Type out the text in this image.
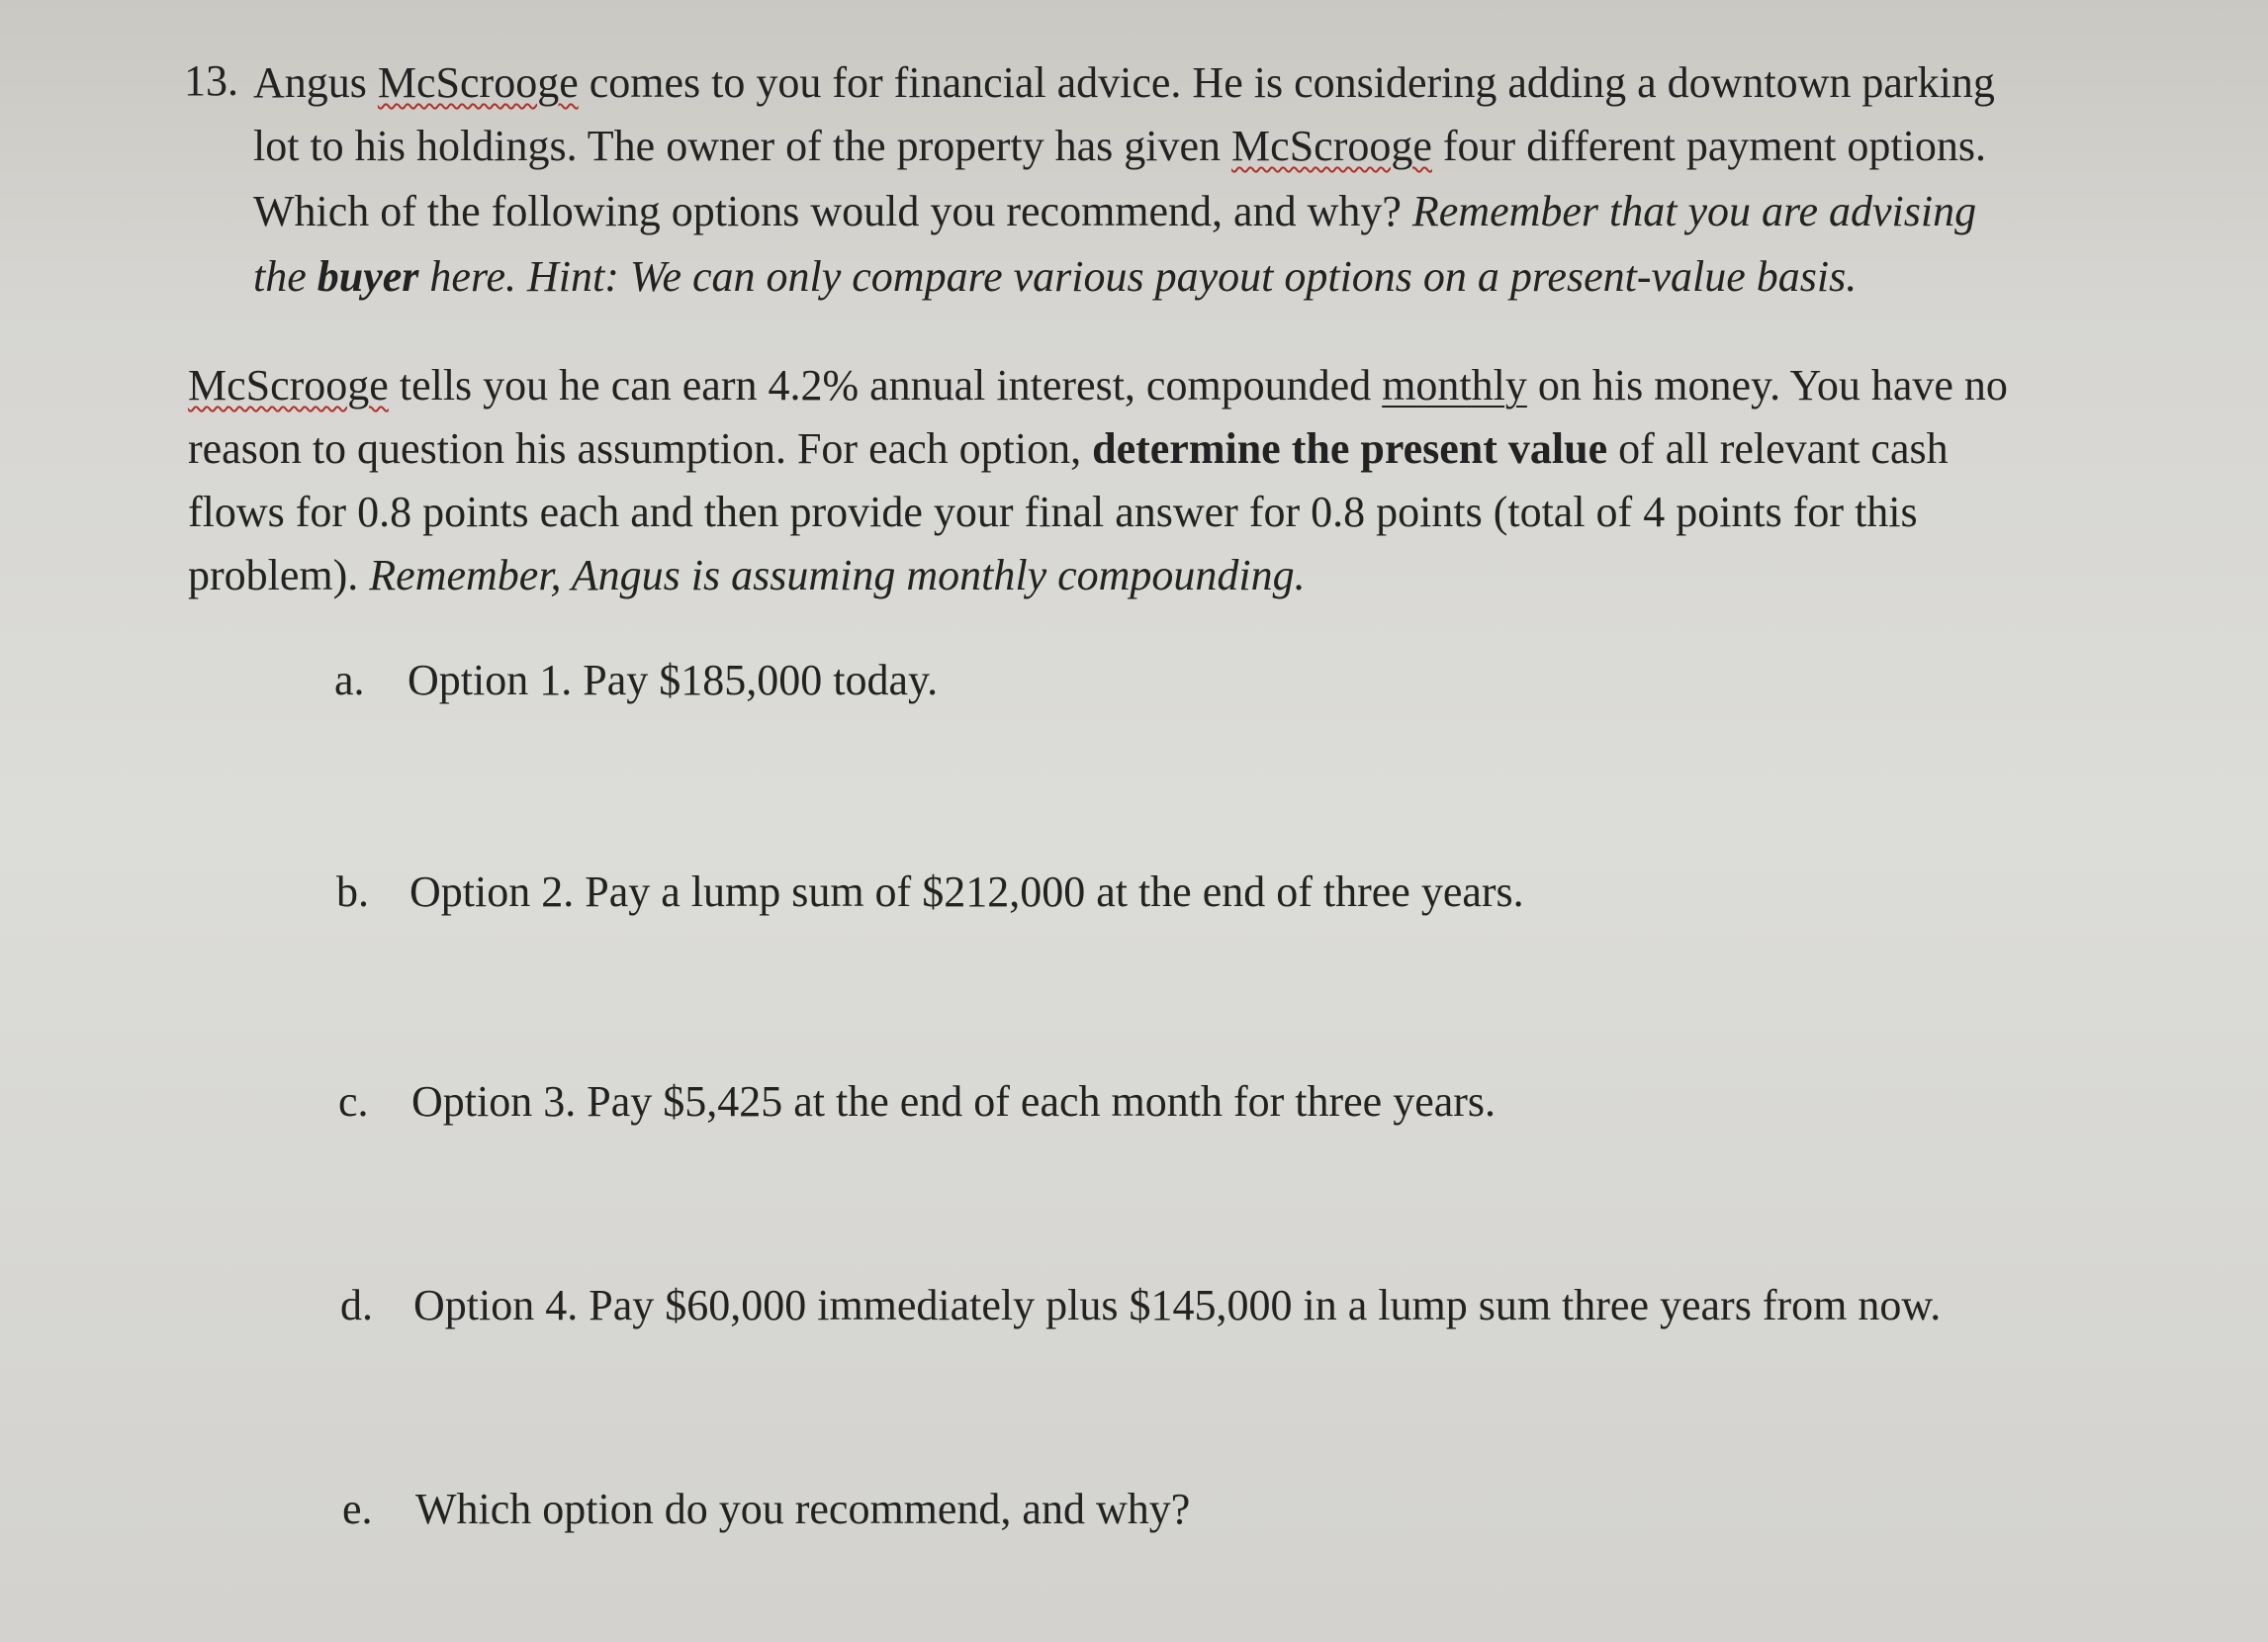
13. Angus McScrooge comes to you for financial advice. He is considering adding a downtown parking
lot to his holdings. The owner of the property has given McScrooge four different payment options.
Which of the following options would you recommend, and why? Remember that you are advising
the buyer here. Hint: We can only compare various payout options on a present-value basis.
McScrooge tells you he can earn 4.2% annual interest, compounded monthly on his money. You have no
reason to question his assumption. For each option, determine the present value of all relevant cash
flows for 0.8 points each and then provide your final answer for 0.8 points (total of 4 points for this
problem). Remember, Angus is assuming monthly compounding.
a. Option 1. Pay $185,000 today.
b. Option 2. Pay a lump sum of $212,000 at the end of three years.
c. Option 3. Pay $5,425 at the end of each month for three years.
d. Option 4. Pay $60,000 immediately plus $145,000 in a lump sum three years from now.
e. Which option do you recommend, and why?
